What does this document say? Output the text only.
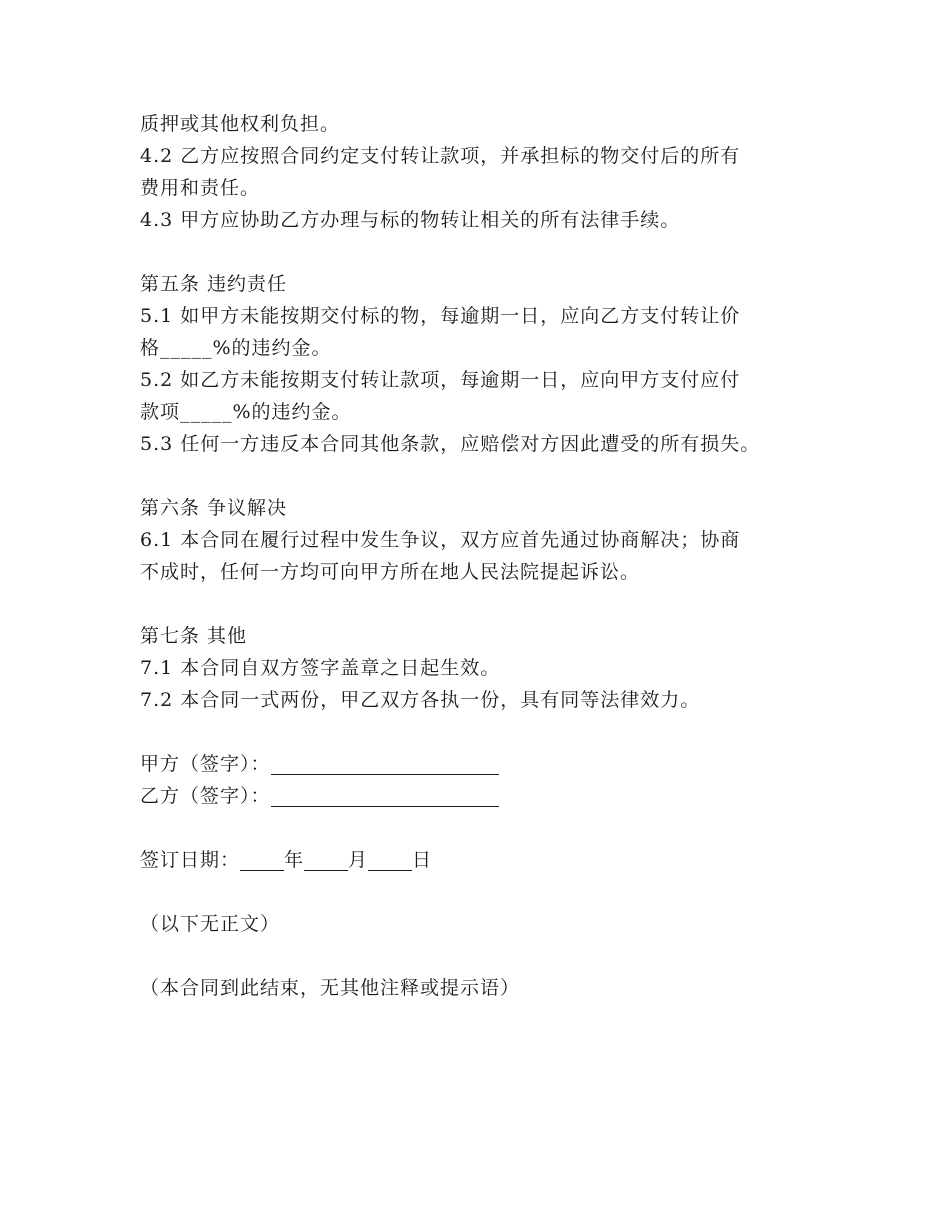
质押或其他权利负担。
4.2 乙方应按照合同约定支付转让款项，并承担标的物交付后的所有
费用和责任。
4.3 甲方应协助乙方办理与标的物转让相关的所有法律手续。
第五条 违约责任
5.1 如甲方未能按期交付标的物，每逾期一日，应向乙方支付转让价
格_____%的违约金。
5.2 如乙方未能按期支付转让款项，每逾期一日，应向甲方支付应付
款项_____%的违约金。
5.3 任何一方违反本合同其他条款，应赔偿对方因此遭受的所有损失。
第六条 争议解决
6.1 本合同在履行过程中发生争议，双方应首先通过协商解决；协商
不成时，任何一方均可向甲方所在地人民法院提起诉讼。
第七条 其他
7.1 本合同自双方签字盖章之日起生效。
7.2 本合同一式两份，甲乙双方各执一份，具有同等法律效力。
甲方（签字）：
乙方（签字）：
签订日期： 年 月 日
（以下无正文）
（本合同到此结束，无其他注释或提示语）
